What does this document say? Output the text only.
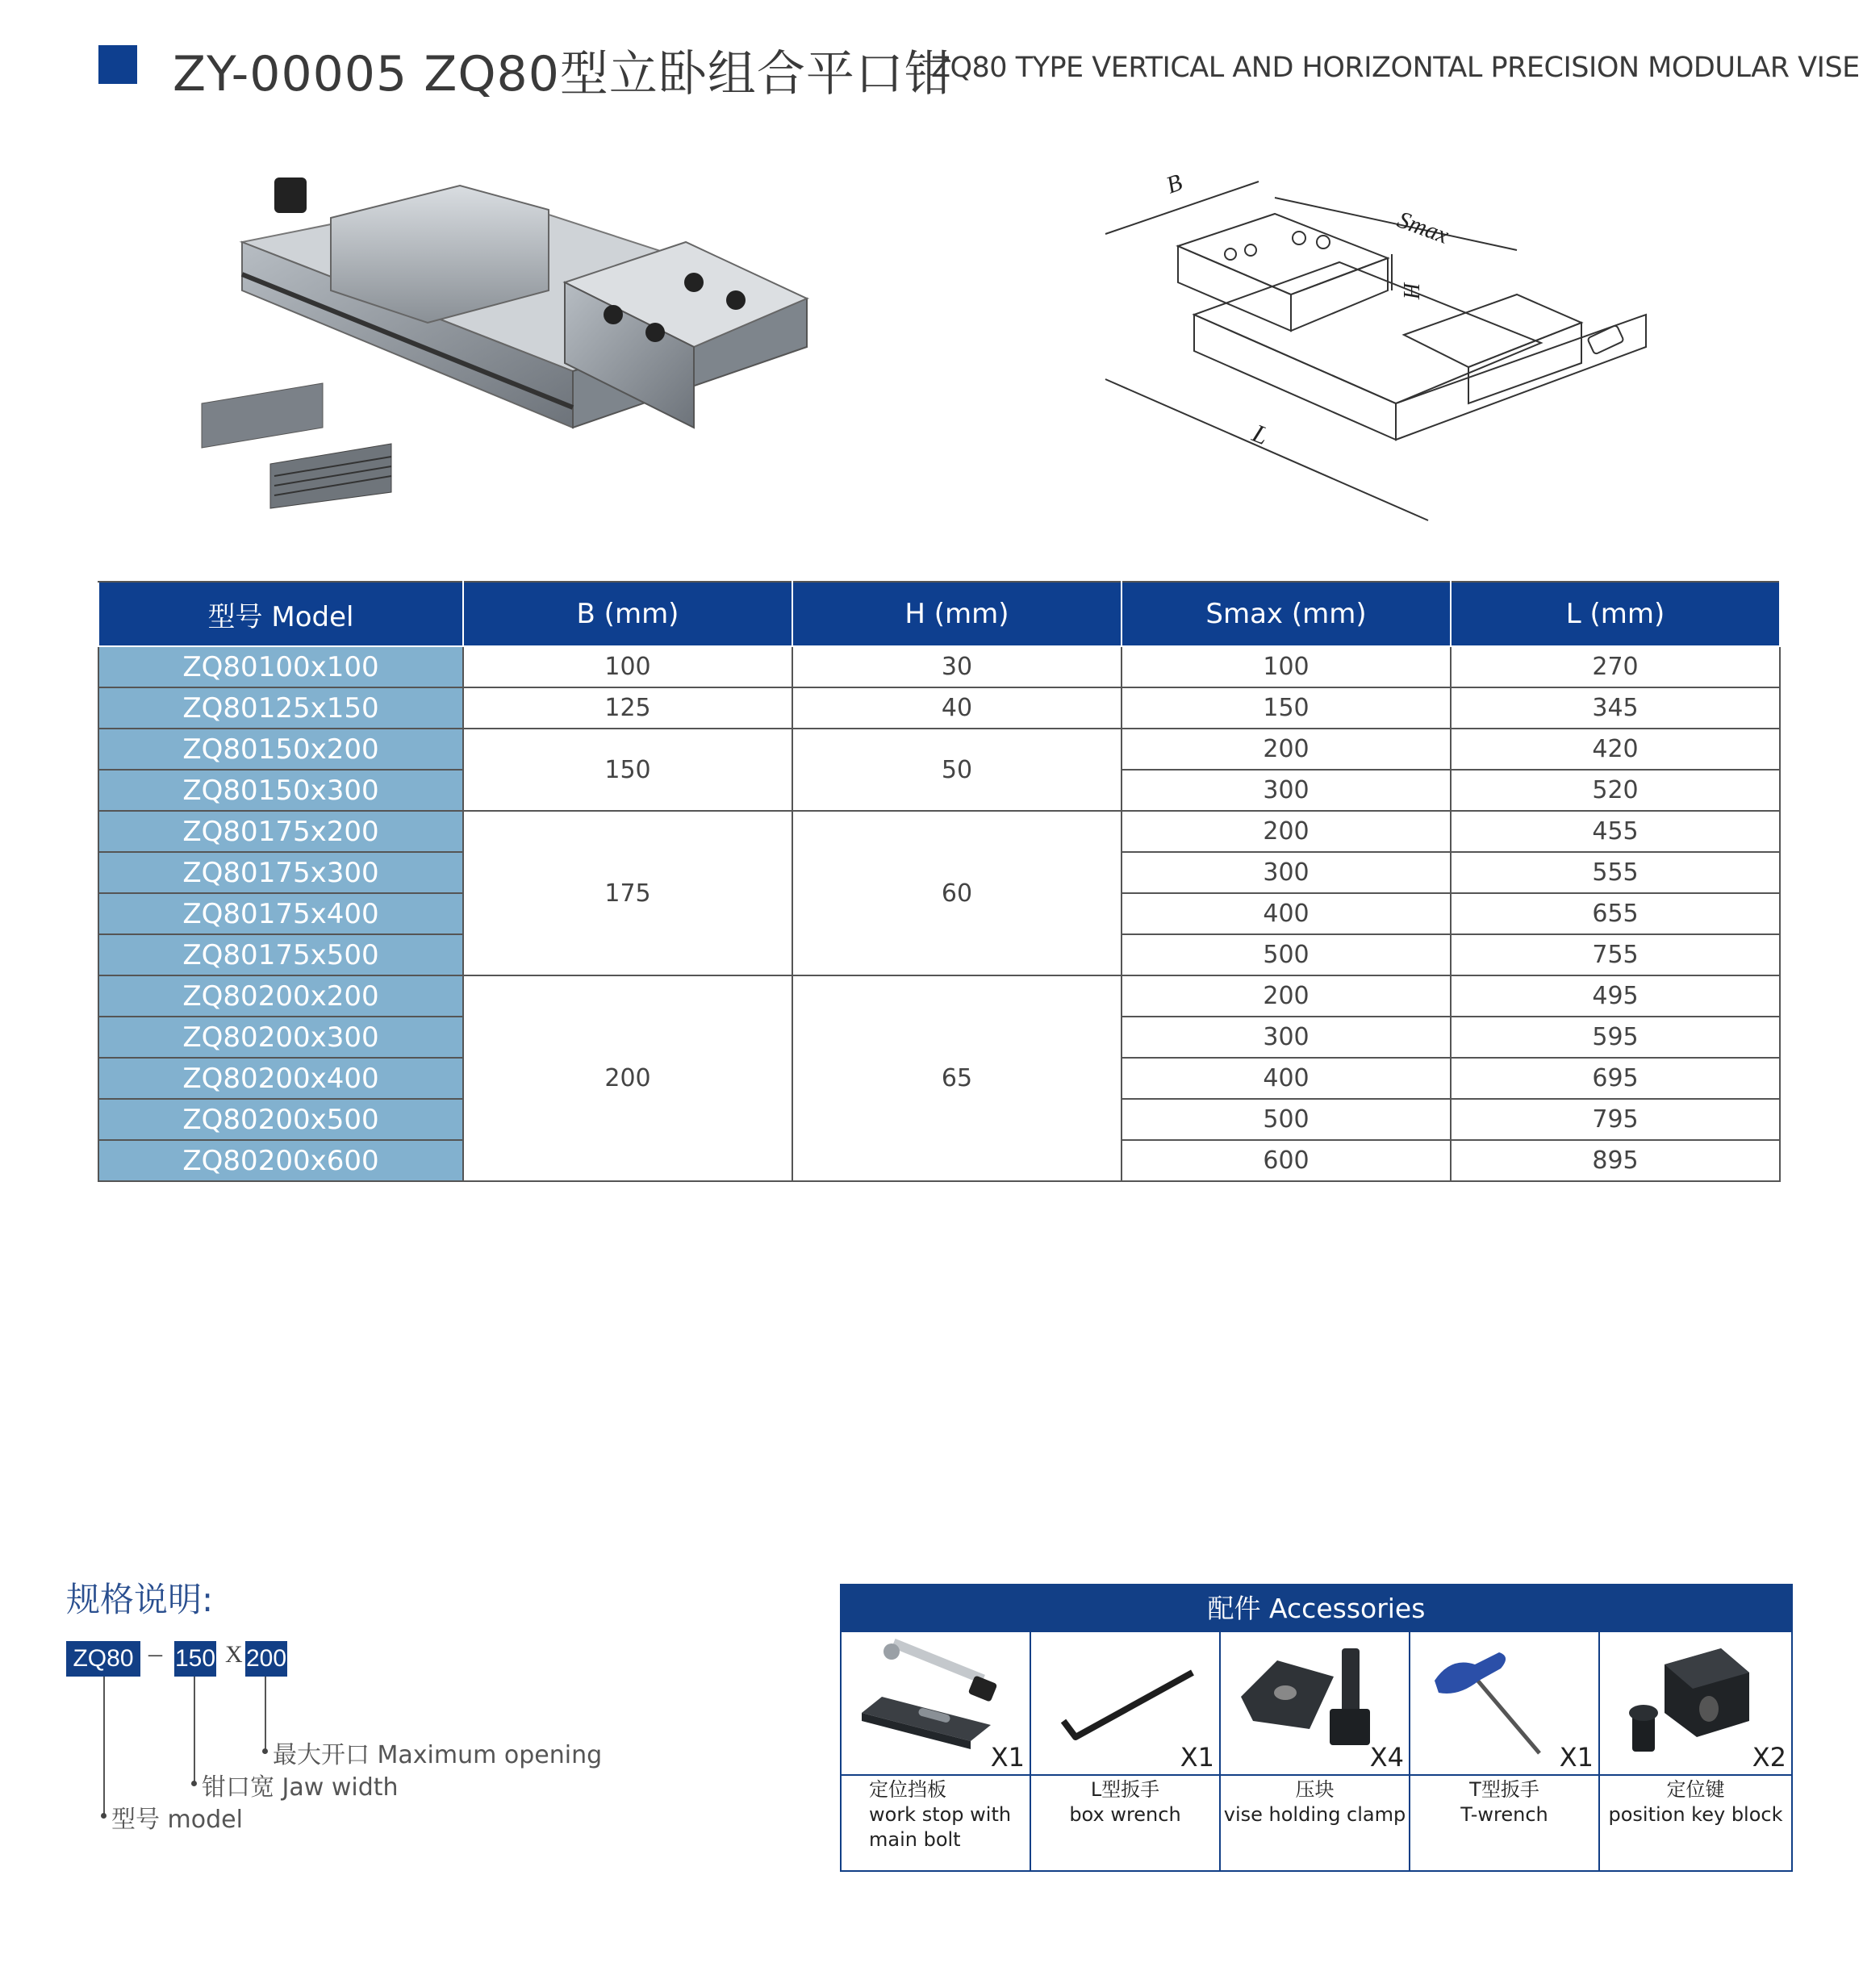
ZY-00005 ZQ80型立卧组合平口钳
ZQ80 TYPE VERTICAL AND HORIZONTAL PRECISION MODULAR VISE
B
Smax
H
L
型号 Model	B (mm)	H (mm)	Smax (mm)	L (mm)
ZQ80100x100	100	30	100	270
ZQ80125x150	125	40	150	345
ZQ80150x200	150	50	200	420
ZQ80150x300			300	520
ZQ80175x200	175	60	200	455
ZQ80175x300			300	555
ZQ80175x400			400	655
ZQ80175x500			500	755
ZQ80200x200	200	65	200	495
ZQ80200x300			300	595
ZQ80200x400			400	695
ZQ80200x500			500	795
ZQ80200x600			600	895
规格说明:
ZQ80 – 150 X 200
最大开口 Maximum opening
钳口宽 Jaw width
型号 model
配件 Accessories
X1
定位挡板
work stop with
main bolt
X1
L型扳手
box wrench
X4
压块
vise holding clamp
X1
T型扳手
T-wrench
X2
定位键
position key block
